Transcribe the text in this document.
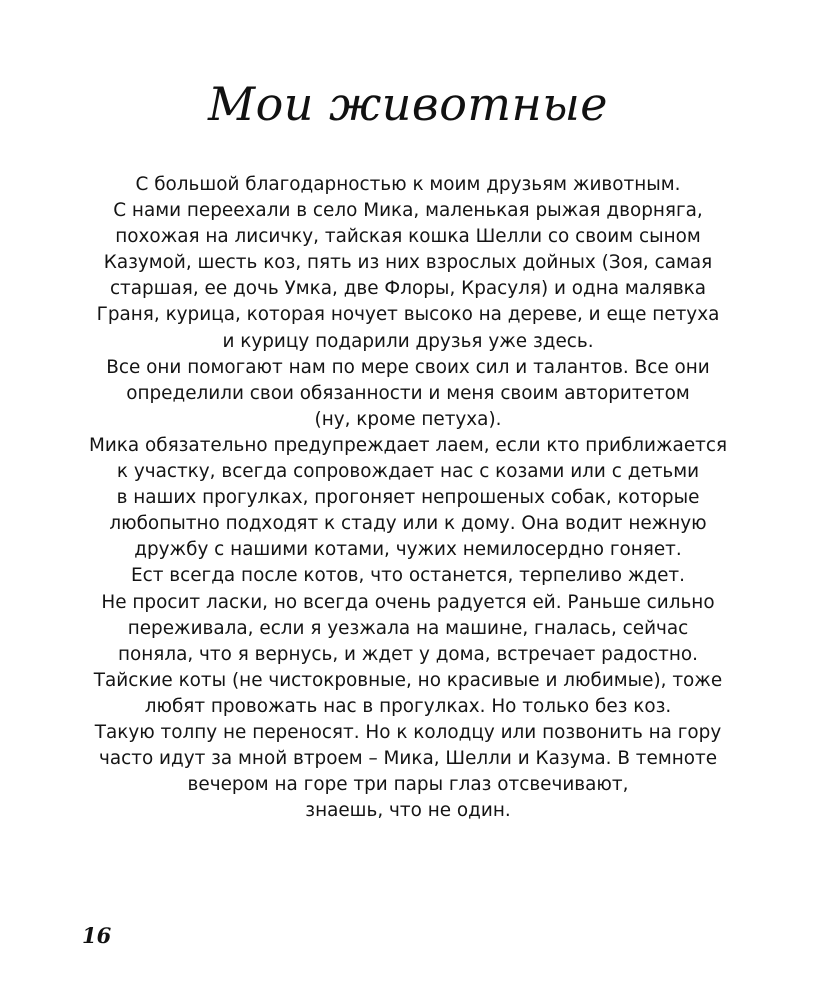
Мои животные
С большой благодарностью к моим друзьям животным.
С нами переехали в село Мика, маленькая рыжая дворняга,
похожая на лисичку, тайская кошка Шелли со своим сыном
Казумой, шесть коз, пять из них взрослых дойных (Зоя, самая
старшая, ее дочь Умка, две Флоры, Красуля) и одна малявка
Граня, курица, которая ночует высоко на дереве, и еще петуха
и курицу подарили друзья уже здесь.
Все они помогают нам по мере своих сил и талантов. Все они
определили свои обязанности и меня своим авторитетом
(ну, кроме петуха).
Мика обязательно предупреждает лаем, если кто приближается
к участку, всегда сопровождает нас с козами или с детьми
в наших прогулках, прогоняет непрошеных собак, которые
любопытно подходят к стаду или к дому. Она водит нежную
дружбу с нашими котами, чужих немилосердно гоняет.
Ест всегда после котов, что останется, терпеливо ждет.
Не просит ласки, но всегда очень радуется ей. Раньше сильно
переживала, если я уезжала на машине, гналась, сейчас
поняла, что я вернусь, и ждет у дома, встречает радостно.
Тайские коты (не чистокровные, но красивые и любимые), тоже
любят провожать нас в прогулках. Но только без коз.
Такую толпу не переносят. Но к колодцу или позвонить на гору
часто идут за мной втроем – Мика, Шелли и Казума. В темноте
вечером на горе три пары глаз отсвечивают,
знаешь, что не один.
16
